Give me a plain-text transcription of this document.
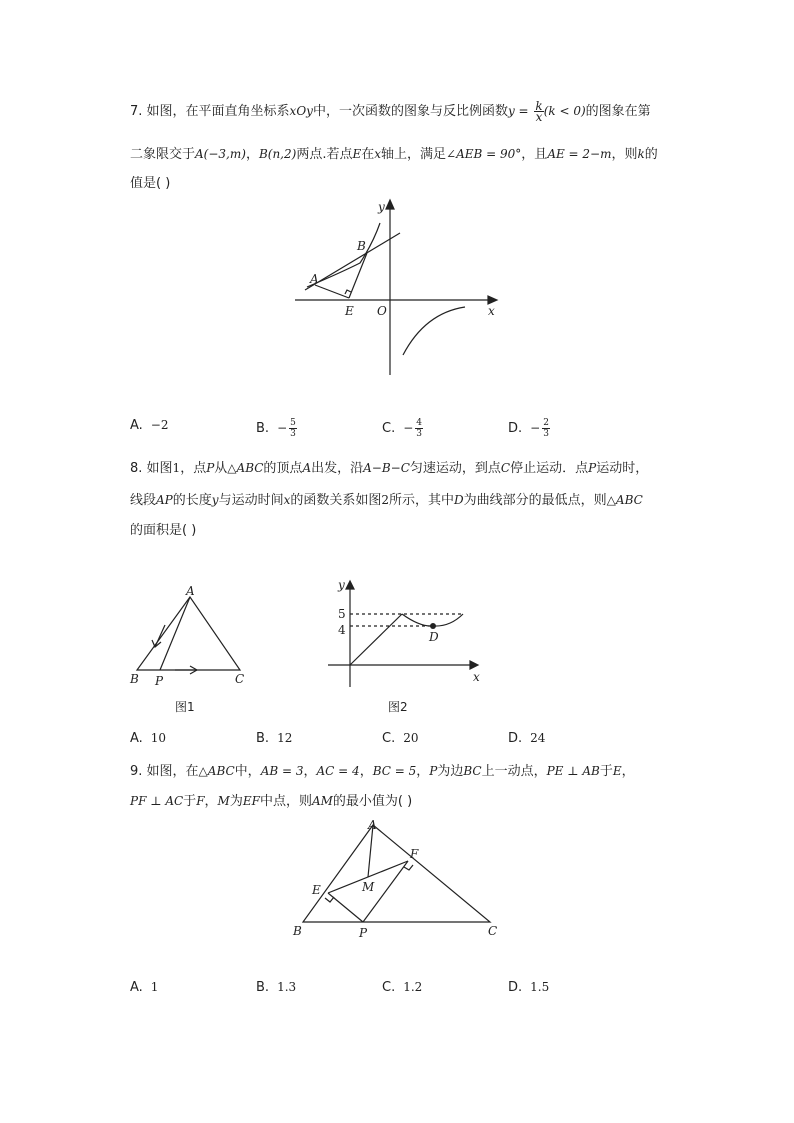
7. 如图，在平面直角坐标系xOy中，一次函数的图象与反比例函数$y = \frac{k}{x} (k < 0)$的图象在第
二象限交于A(−3,m)，B(n,2)两点.若点E在x轴上，满足∠AEB = 90°，且AE = 2−m，则k的
值是( )
y
x
O
A
B
E
A. −2	B. − $\frac{5}{3}$	C. − $\frac{4}{3}$	D. − $\frac{2}{3}$
8. 如图1，点P从△ABC的顶点A出发，沿A−B−C匀速运动，到点C停止运动．点P运动时，
线段AP的长度y与运动时间x的函数关系如图2所示，其中D为曲线部分的最低点，则△ABC
的面积是( )
A
B	C
P
图1
y
x
5
4	D
图2
A. 10	B. 12	C. 20	D. 24
9. 如图，在△ABC中，AB = 3，AC = 4，BC = 5，P为边BC上一动点，PE ⊥ AB于E，
PF ⊥ AC于F，M为EF中点，则AM的最小值为( )
A
B	C
E
F
M
P
A. 1	B. 1.3	C. 1.2	D. 1.5
